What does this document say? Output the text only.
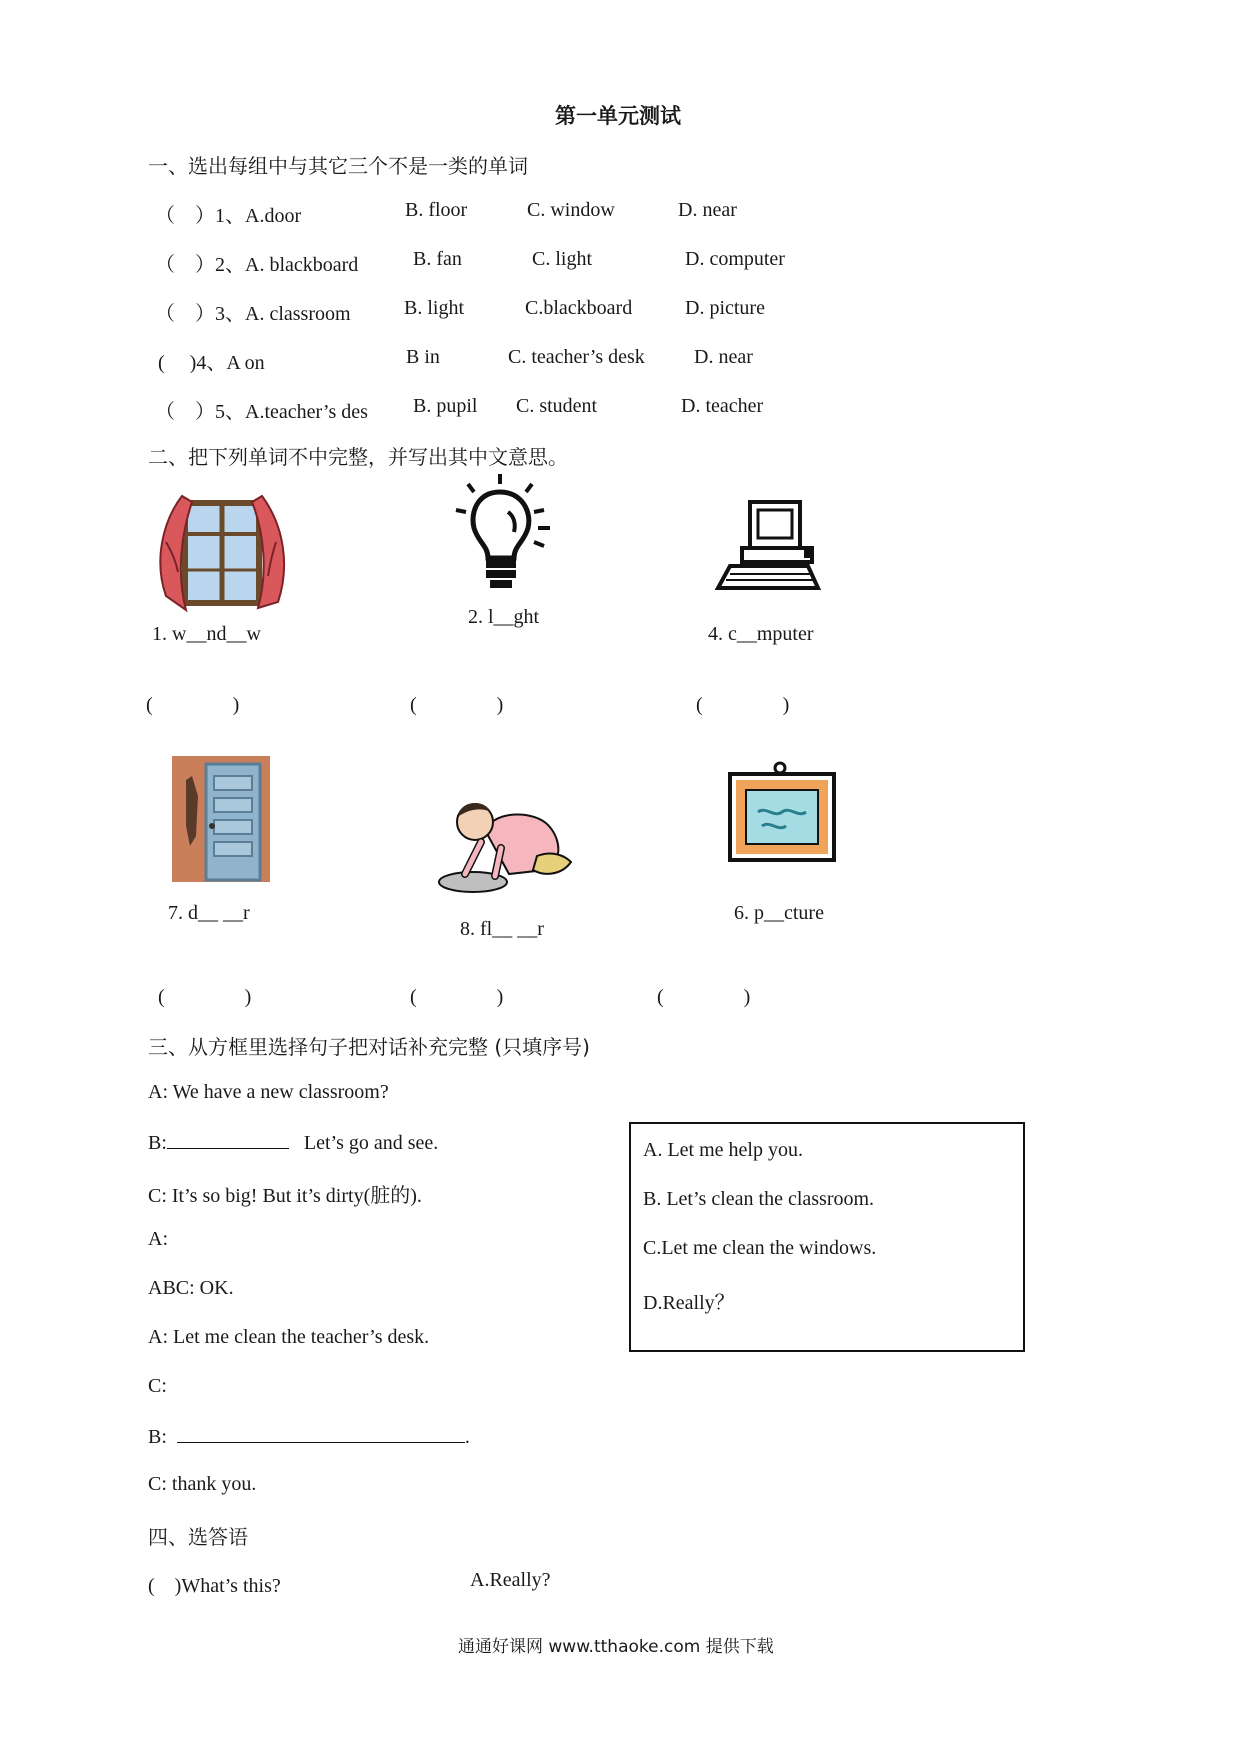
第一单元测试
一、选出每组中与其它三个不是一类的单词
（　）1、A.door	B. floor	C. window	D. near
（　）2、A. blackboard	B. fan	C. light	D. computer
（　）3、A. classroom	B. light	C.blackboard	D. picture
(　 )4、A on	B in	C. teacher’s desk D. near
（　）5、A.teacher’s des B. pupil C. student	D. teacher
二、把下列单词不中完整，并写出其中文意思。
1. w__nd__w
2. l__ght
4. c__mputer
(　　　　)	(　　　　)	(　　　　)
7. d__ __r
8. fl__ __r
6. p__cture
(　　　　)	(　　　　)	(　　　　)
三、从方框里选择句子把对话补充完整 (只填序号)
A: We have a new classroom?
B:	Let’s go and see.
C: It’s so big! But it’s dirty(脏的).
A:
ABC: OK.
A: Let me clean the teacher’s desk.
C:
B:	.
C: thank you.
A. Let me help you.
B. Let’s clean the classroom.
C.Let me clean the windows.
D.Really？
四、选答语
(　)What’s this?	A.Really?
通通好课网 www.tthaoke.com 提供下载
